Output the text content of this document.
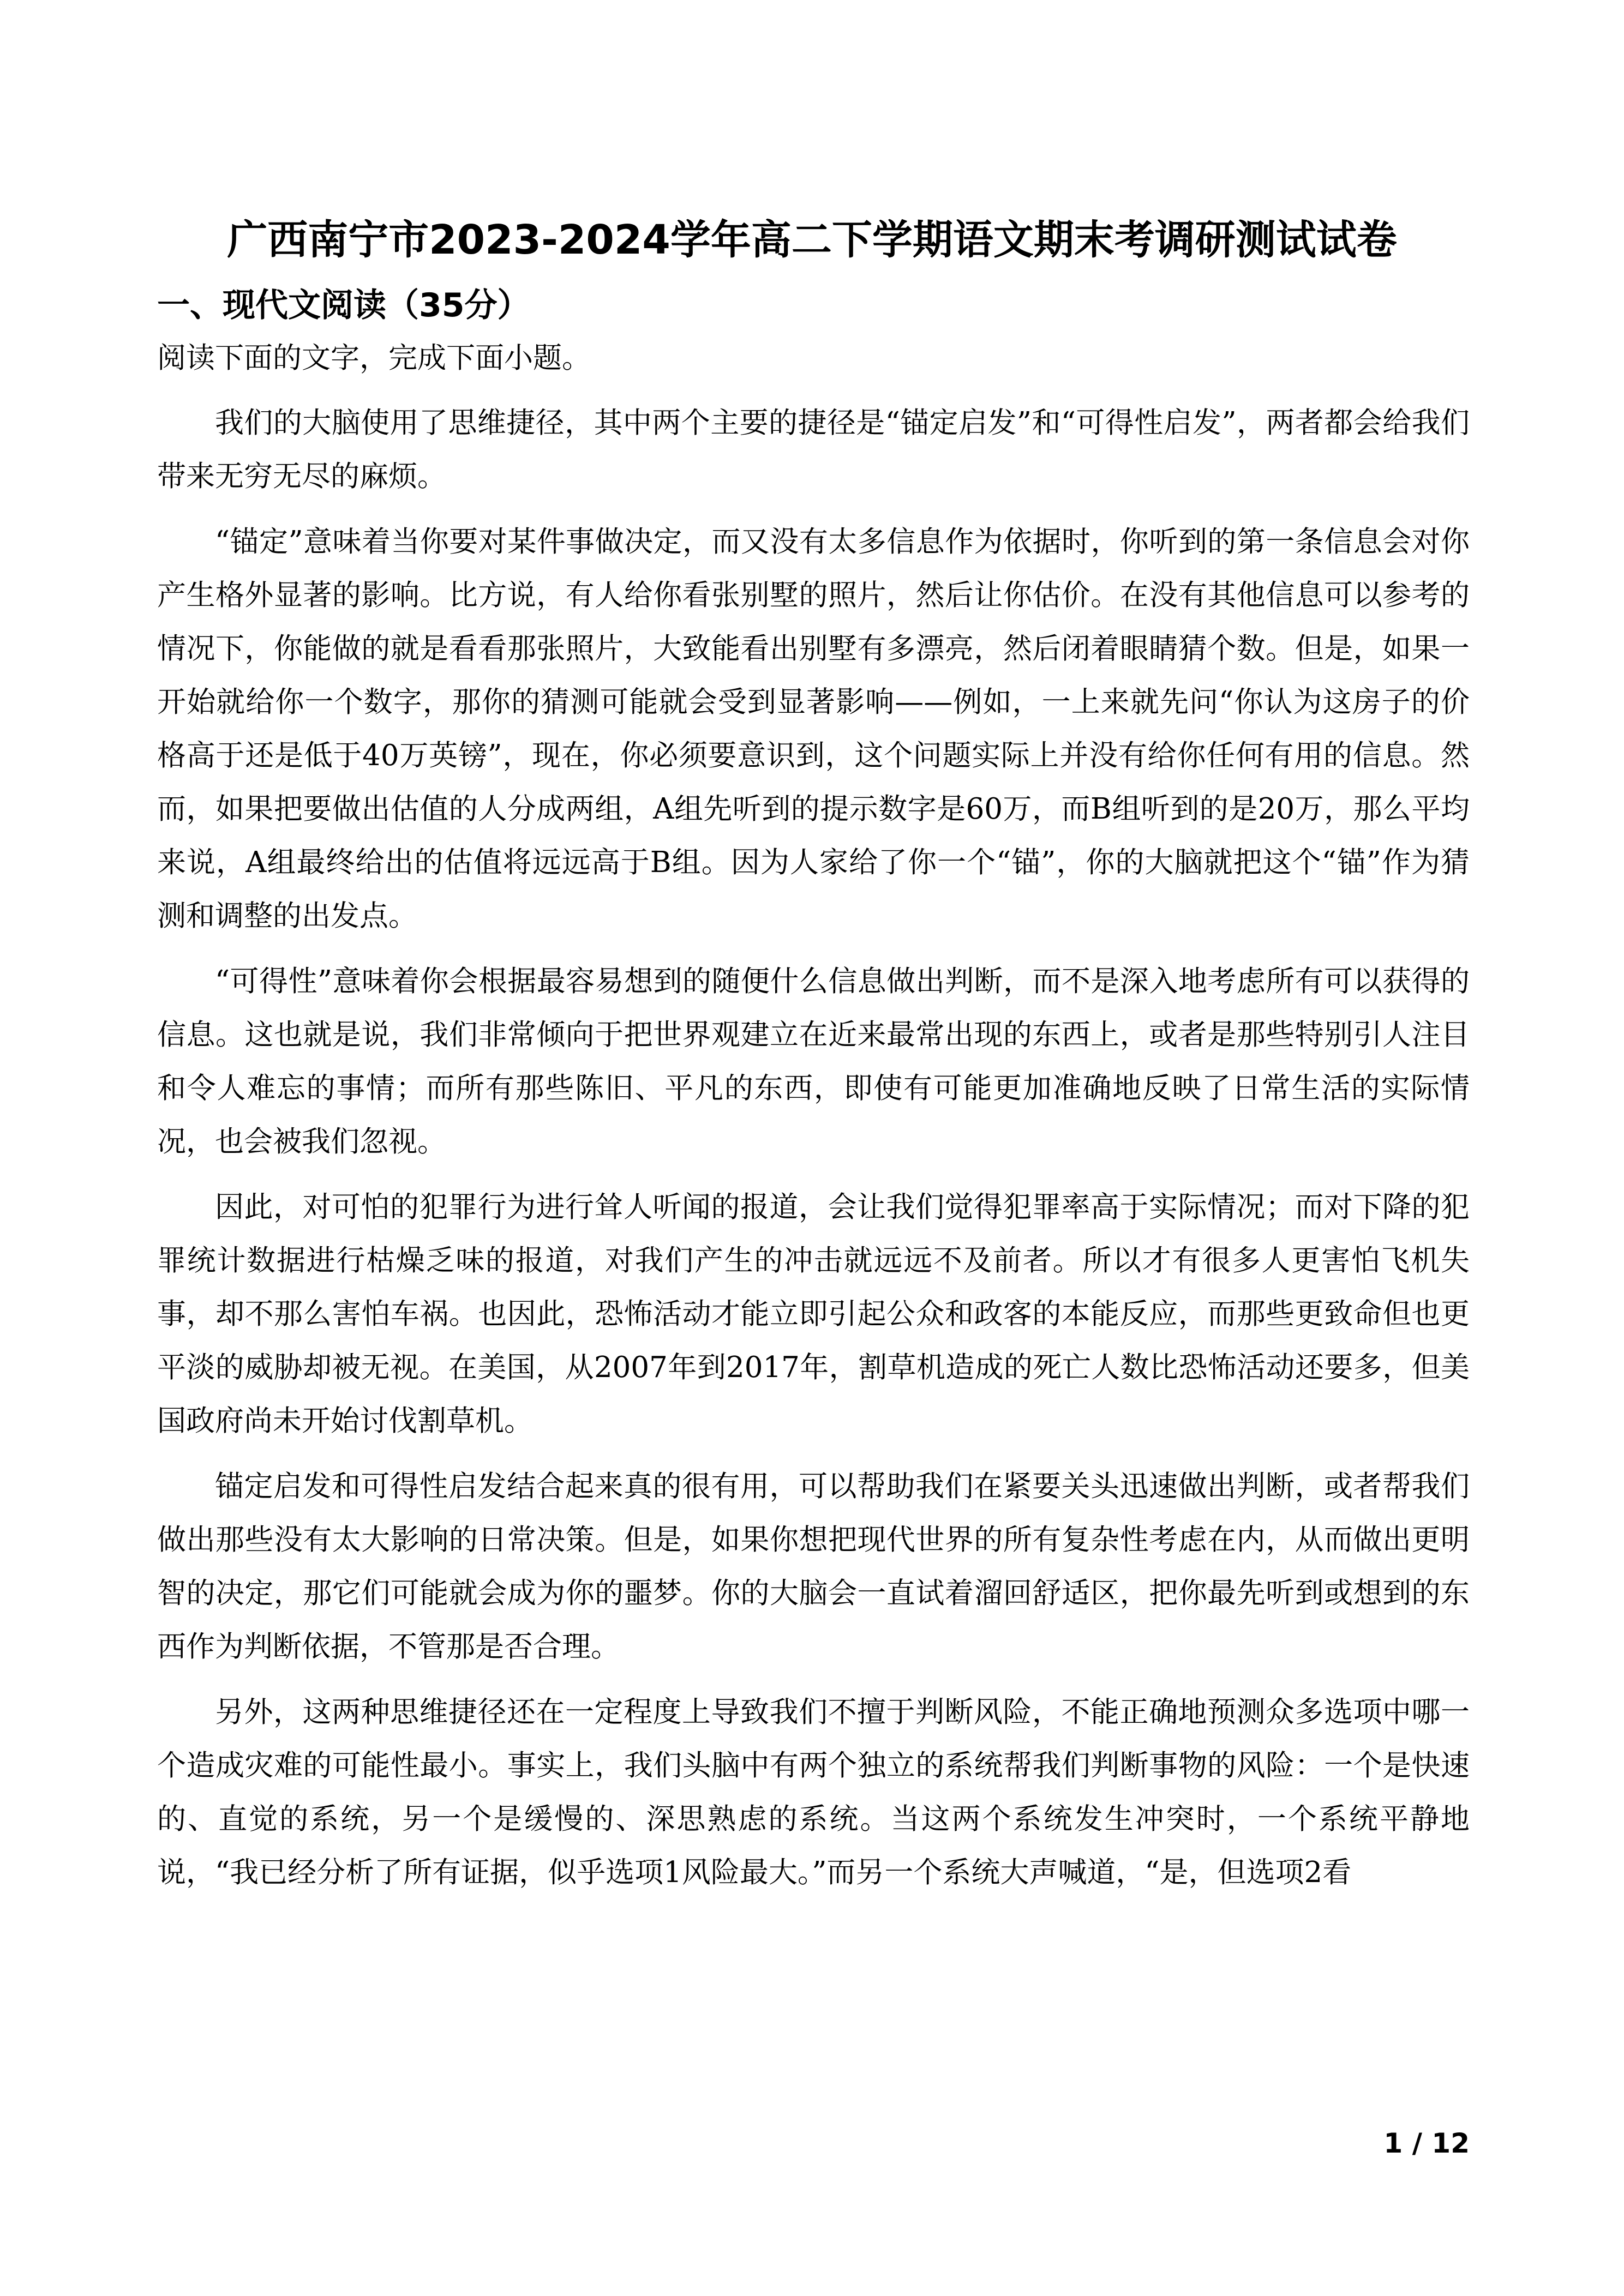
广西南宁市2023-2024学年高二下学期语文期末考调研测试试卷
一、现代文阅读（35分）
阅读下面的文字，完成下面小题。

我们的大脑使用了思维捷径，其中两个主要的捷径是“锚定启发”和“可得性启发”，两者都会给我们带来无穷无尽的麻烦。

“锚定”意味着当你要对某件事做决定，而又没有太多信息作为依据时，你听到的第一条信息会对你产生格外显著的影响。比方说，有人给你看张别墅的照片，然后让你估价。在没有其他信息可以参考的情况下，你能做的就是看看那张照片，大致能看出别墅有多漂亮，然后闭着眼睛猜个数。但是，如果一开始就给你一个数字，那你的猜测可能就会受到显著影响——例如，一上来就先问“你认为这房子的价格高于还是低于40万英镑”，现在，你必须要意识到，这个问题实际上并没有给你任何有用的信息。然而，如果把要做出估值的人分成两组，A组先听到的提示数字是60万，而B组听到的是20万，那么平均来说，A组最终给出的估值将远远高于B组。因为人家给了你一个“锚”，你的大脑就把这个“锚”作为猜测和调整的出发点。

“可得性”意味着你会根据最容易想到的随便什么信息做出判断，而不是深入地考虑所有可以获得的信息。这也就是说，我们非常倾向于把世界观建立在近来最常出现的东西上，或者是那些特别引人注目和令人难忘的事情；而所有那些陈旧、平凡的东西，即使有可能更加准确地反映了日常生活的实际情况，也会被我们忽视。

因此，对可怕的犯罪行为进行耸人听闻的报道，会让我们觉得犯罪率高于实际情况；而对下降的犯罪统计数据进行枯燥乏味的报道，对我们产生的冲击就远远不及前者。所以才有很多人更害怕飞机失事，却不那么害怕车祸。也因此，恐怖活动才能立即引起公众和政客的本能反应，而那些更致命但也更平淡的威胁却被无视。在美国，从2007年到2017年，割草机造成的死亡人数比恐怖活动还要多，但美国政府尚未开始讨伐割草机。

锚定启发和可得性启发结合起来真的很有用，可以帮助我们在紧要关头迅速做出判断，或者帮我们做出那些没有太大影响的日常决策。但是，如果你想把现代世界的所有复杂性考虑在内，从而做出更明智的决定，那它们可能就会成为你的噩梦。你的大脑会一直试着溜回舒适区，把你最先听到或想到的东西作为判断依据，不管那是否合理。

另外，这两种思维捷径还在一定程度上导致我们不擅于判断风险，不能正确地预测众多选项中哪一个造成灾难的可能性最小。事实上，我们头脑中有两个独立的系统帮我们判断事物的风险：一个是快速的、直觉的系统，另一个是缓慢的、深思熟虑的系统。当这两个系统发生冲突时，一个系统平静地说，“我已经分析了所有证据，似乎选项1风险最大。”而另一个系统大声喊道，“是，但选项2看

1 / 12
